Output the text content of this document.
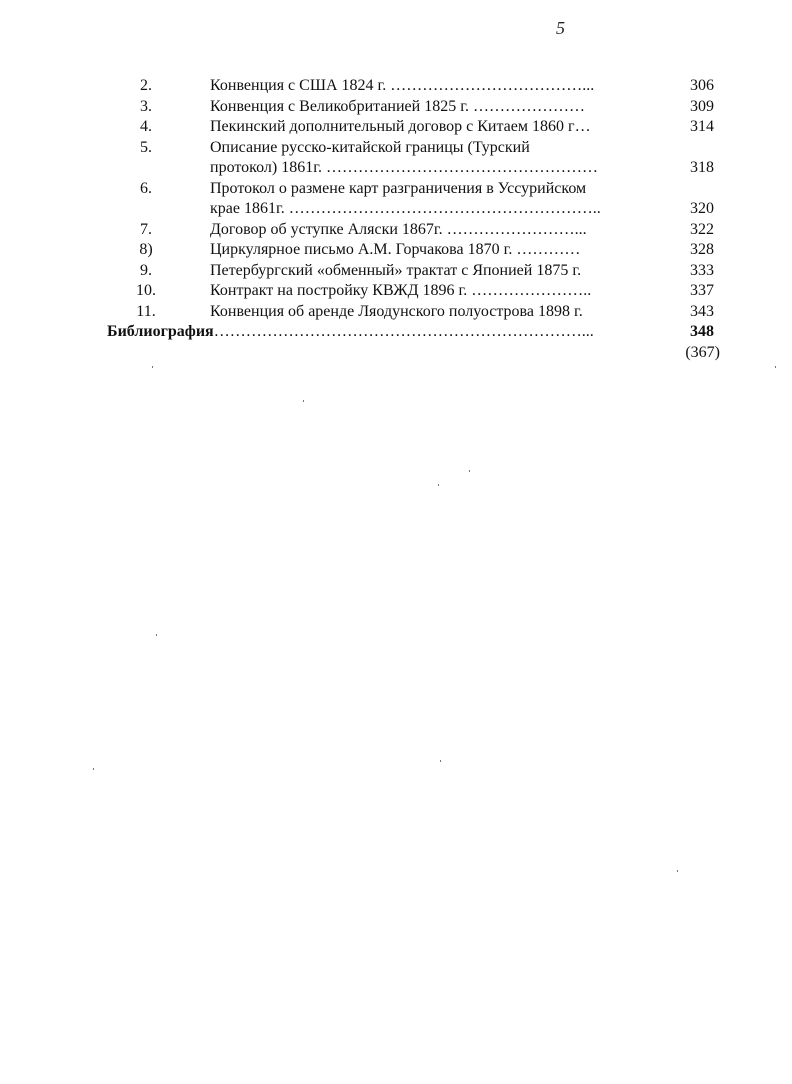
5
2.	Конвенция с США 1824 г. ………………………………...	306
3.	Конвенция с Великобританией 1825 г. …………………	309
4.	Пекинский дополнительный договор с Китаем 1860 г…	314
5.	Описание русско-китайской границы (Турский
протокол) 1861г. ……………………………………………	318
6.	Протокол о размене карт разграничения в Уссурийском
крае 1861г. …………………………………………………..	320
7.	Договор об уступке Аляски 1867г. ……………………...	322
8)	Циркулярное письмо А.М. Горчакова 1870 г. …………	328
9.	Петербургский «обменный» трактат с Японией 1875 г.	333
10.	Контракт на постройку КВЖД 1896 г. …………………..	337
11.	Конвенция об аренде Ляодунского полуострова 1898 г.	343
Библиография……………………………………………………………...	348
(367)
